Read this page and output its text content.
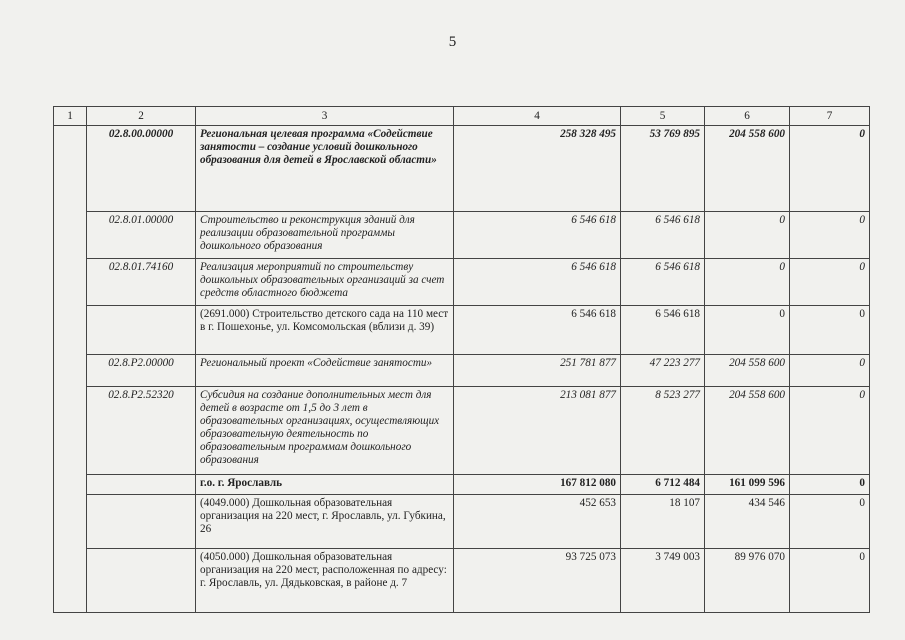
5
1	2	3	4	5	6	7
	02.8.00.00000	Региональная целевая программа «Содействие занятости – создание условий дошкольного образования для детей в Ярославской области»	258 328 495	53 769 895	204 558 600	0
	02.8.01.00000	Строительство и реконструкция зданий для реализации образовательной программы дошкольного образования	6 546 618	6 546 618	0	0
	02.8.01.74160	Реализация мероприятий по строительству дошкольных образовательных организаций за счет средств областного бюджета	6 546 618	6 546 618	0	0
		(2691.000) Строительство детского сада на 110 мест в г. Пошехонье, ул. Комсомольская (вблизи д. 39)	6 546 618	6 546 618	0	0
	02.8.P2.00000	Региональный проект «Содействие занятости»	251 781 877	47 223 277	204 558 600	0
	02.8.P2.52320	Субсидия на создание дополнительных мест для детей в возрасте от 1,5 до 3 лет в образовательных организациях, осуществляющих образовательную деятельность по образовательным программам дошкольного образования	213 081 877	8 523 277	204 558 600	0
		г.о. г. Ярославль	167 812 080	6 712 484	161 099 596	0
		(4049.000) Дошкольная образовательная организация на 220 мест, г. Ярославль, ул. Губкина, 26	452 653	18 107	434 546	0
		(4050.000) Дошкольная образовательная организация на 220 мест, расположенная по адресу: г. Ярославль, ул. Дядьковская, в районе д. 7	93 725 073	3 749 003	89 976 070	0
